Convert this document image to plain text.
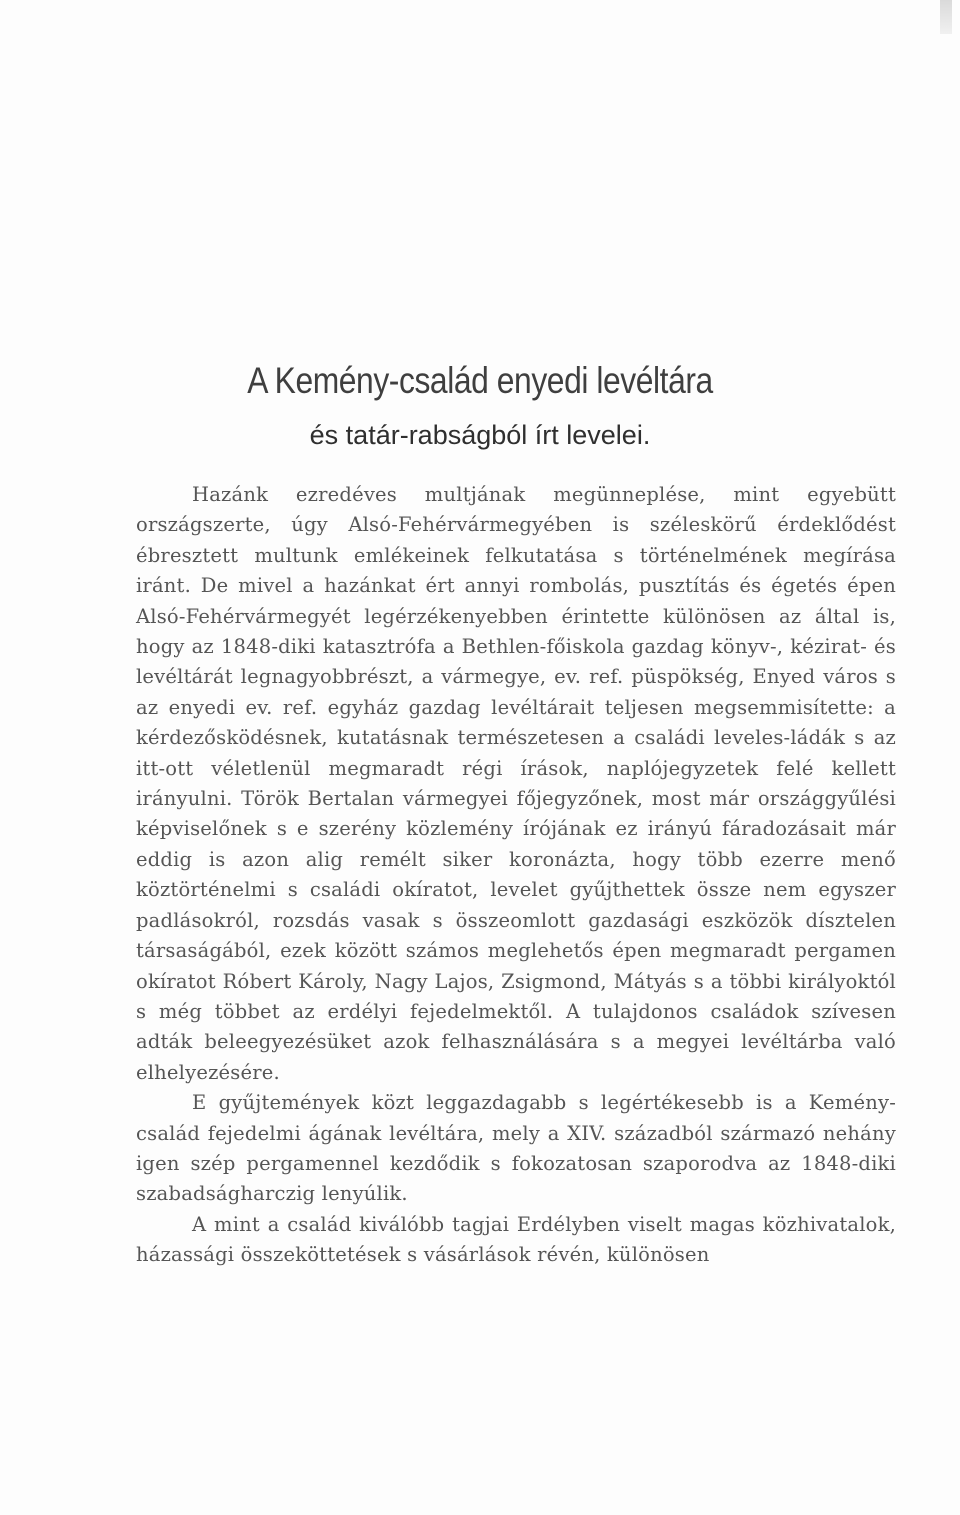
A Kemény-család enyedi levéltára
és tatár-rabságból írt levelei.

Hazánk ezredéves multjának megünneplése, mint egyebütt országszerte, úgy Alsó-Fehérvármegyében is széleskörű érdeklődést ébresztett multunk emlékeinek felkutatása s történelmének megírása iránt. De mivel a hazánkat ért annyi rombolás, pusztítás és égetés épen Alsó-Fehérvármegyét legérzékenyebben érintette különösen az által is, hogy az 1848-diki katasztrófa a Bethlen-főiskola gazdag könyv-, kézirat- és levéltárát legnagyobbrészt, a vármegye, ev. ref. püspökség, Enyed város s az enyedi ev. ref. egyház gazdag levéltárait teljesen megsemmisítette: a kérdezősködésnek, kutatásnak természetesen a családi leveles-ládák s az itt-ott véletlenül megmaradt régi írások, naplójegyzetek felé kellett irányulni. Török Bertalan vármegyei főjegyzőnek, most már országgyűlési képviselőnek s e szerény közlemény írójának ez irányú fáradozásait már eddig is azon alig remélt siker koronázta, hogy több ezerre menő köztörténelmi s családi okíratot, levelet gyűjthettek össze nem egyszer padlásokról, rozsdás vasak s összeomlott gazdasági eszközök dísztelen társaságából, ezek között számos meglehetős épen megmaradt pergamen okíratot Róbert Károly, Nagy Lajos, Zsigmond, Mátyás s a többi királyoktól s még többet az erdélyi fejedelmektől. A tulajdonos családok szívesen adták beleegyezésüket azok felhasználására s a megyei levéltárba való elhelyezésére.

E gyűjtemények közt leggazdagabb s legértékesebb is a Kemény-család fejedelmi ágának levéltára, mely a XIV. századból származó nehány igen szép pergamennel kezdődik s fokozatosan szaporodva az 1848-diki szabadságharczig lenyúlik.

A mint a család kiválóbb tagjai Erdélyben viselt magas közhivatalok, házassági összeköttetések s vásárlások révén, különösen
